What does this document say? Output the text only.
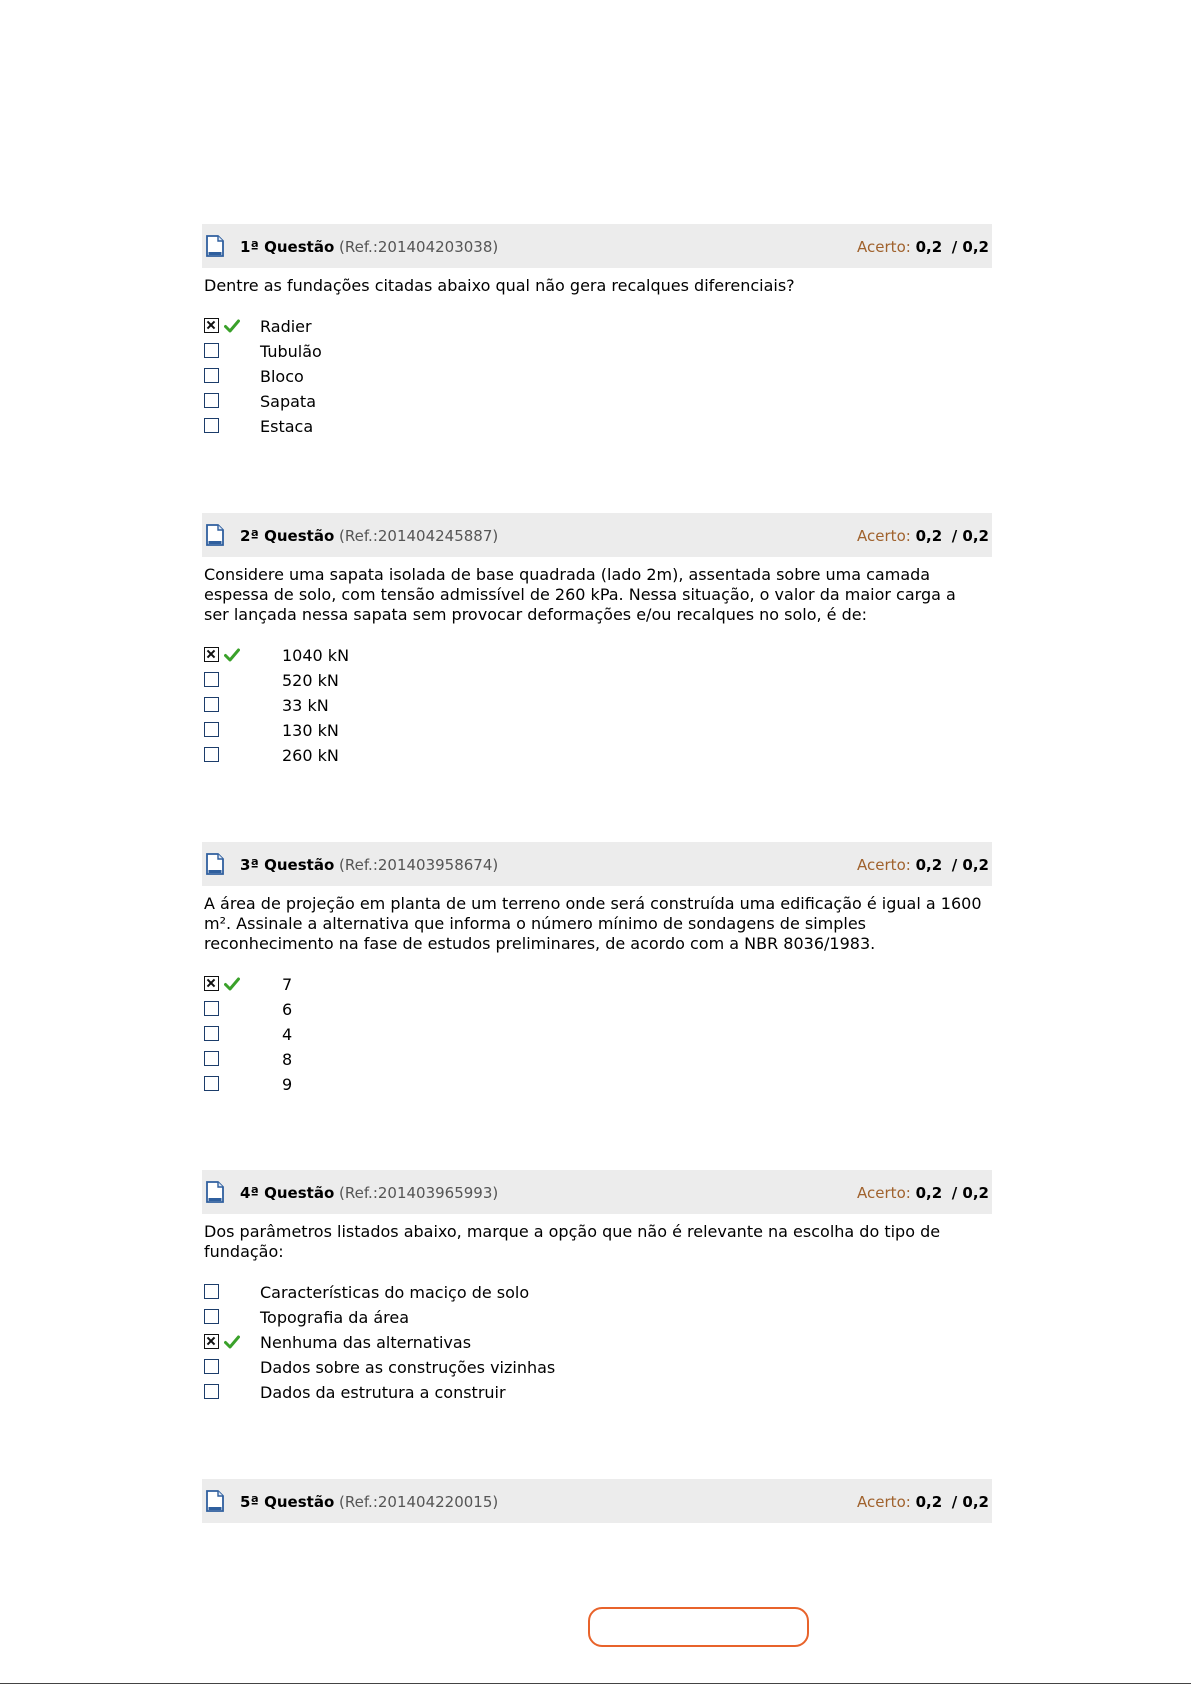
1ª Questão (Ref.:201404203038)	Acerto: 0,2 / 0,2
Dentre as fundações citadas abaixo qual não gera recalques diferenciais?
Radier
Tubulão
Bloco
Sapata
Estaca
2ª Questão (Ref.:201404245887)	Acerto: 0,2 / 0,2
Considere uma sapata isolada de base quadrada (lado 2m), assentada sobre uma camada espessa de solo, com tensão admissível de 260 kPa. Nessa situação, o valor da maior carga a ser lançada nessa sapata sem provocar deformações e/ou recalques no solo, é de:
1040 kN
520 kN
33 kN
130 kN
260 kN
3ª Questão (Ref.:201403958674)	Acerto: 0,2 / 0,2
A área de projeção em planta de um terreno onde será construída uma edificação é igual a 1600 m². Assinale a alternativa que informa o número mínimo de sondagens de simples reconhecimento na fase de estudos preliminares, de acordo com a NBR 8036/1983.
7
6
4
8
9
4ª Questão (Ref.:201403965993)	Acerto: 0,2 / 0,2
Dos parâmetros listados abaixo, marque a opção que não é relevante na escolha do tipo de fundação:
Características do maciço de solo
Topografia da área
Nenhuma das alternativas
Dados sobre as construções vizinhas
Dados da estrutura a construir
5ª Questão (Ref.:201404220015)	Acerto: 0,2 / 0,2
